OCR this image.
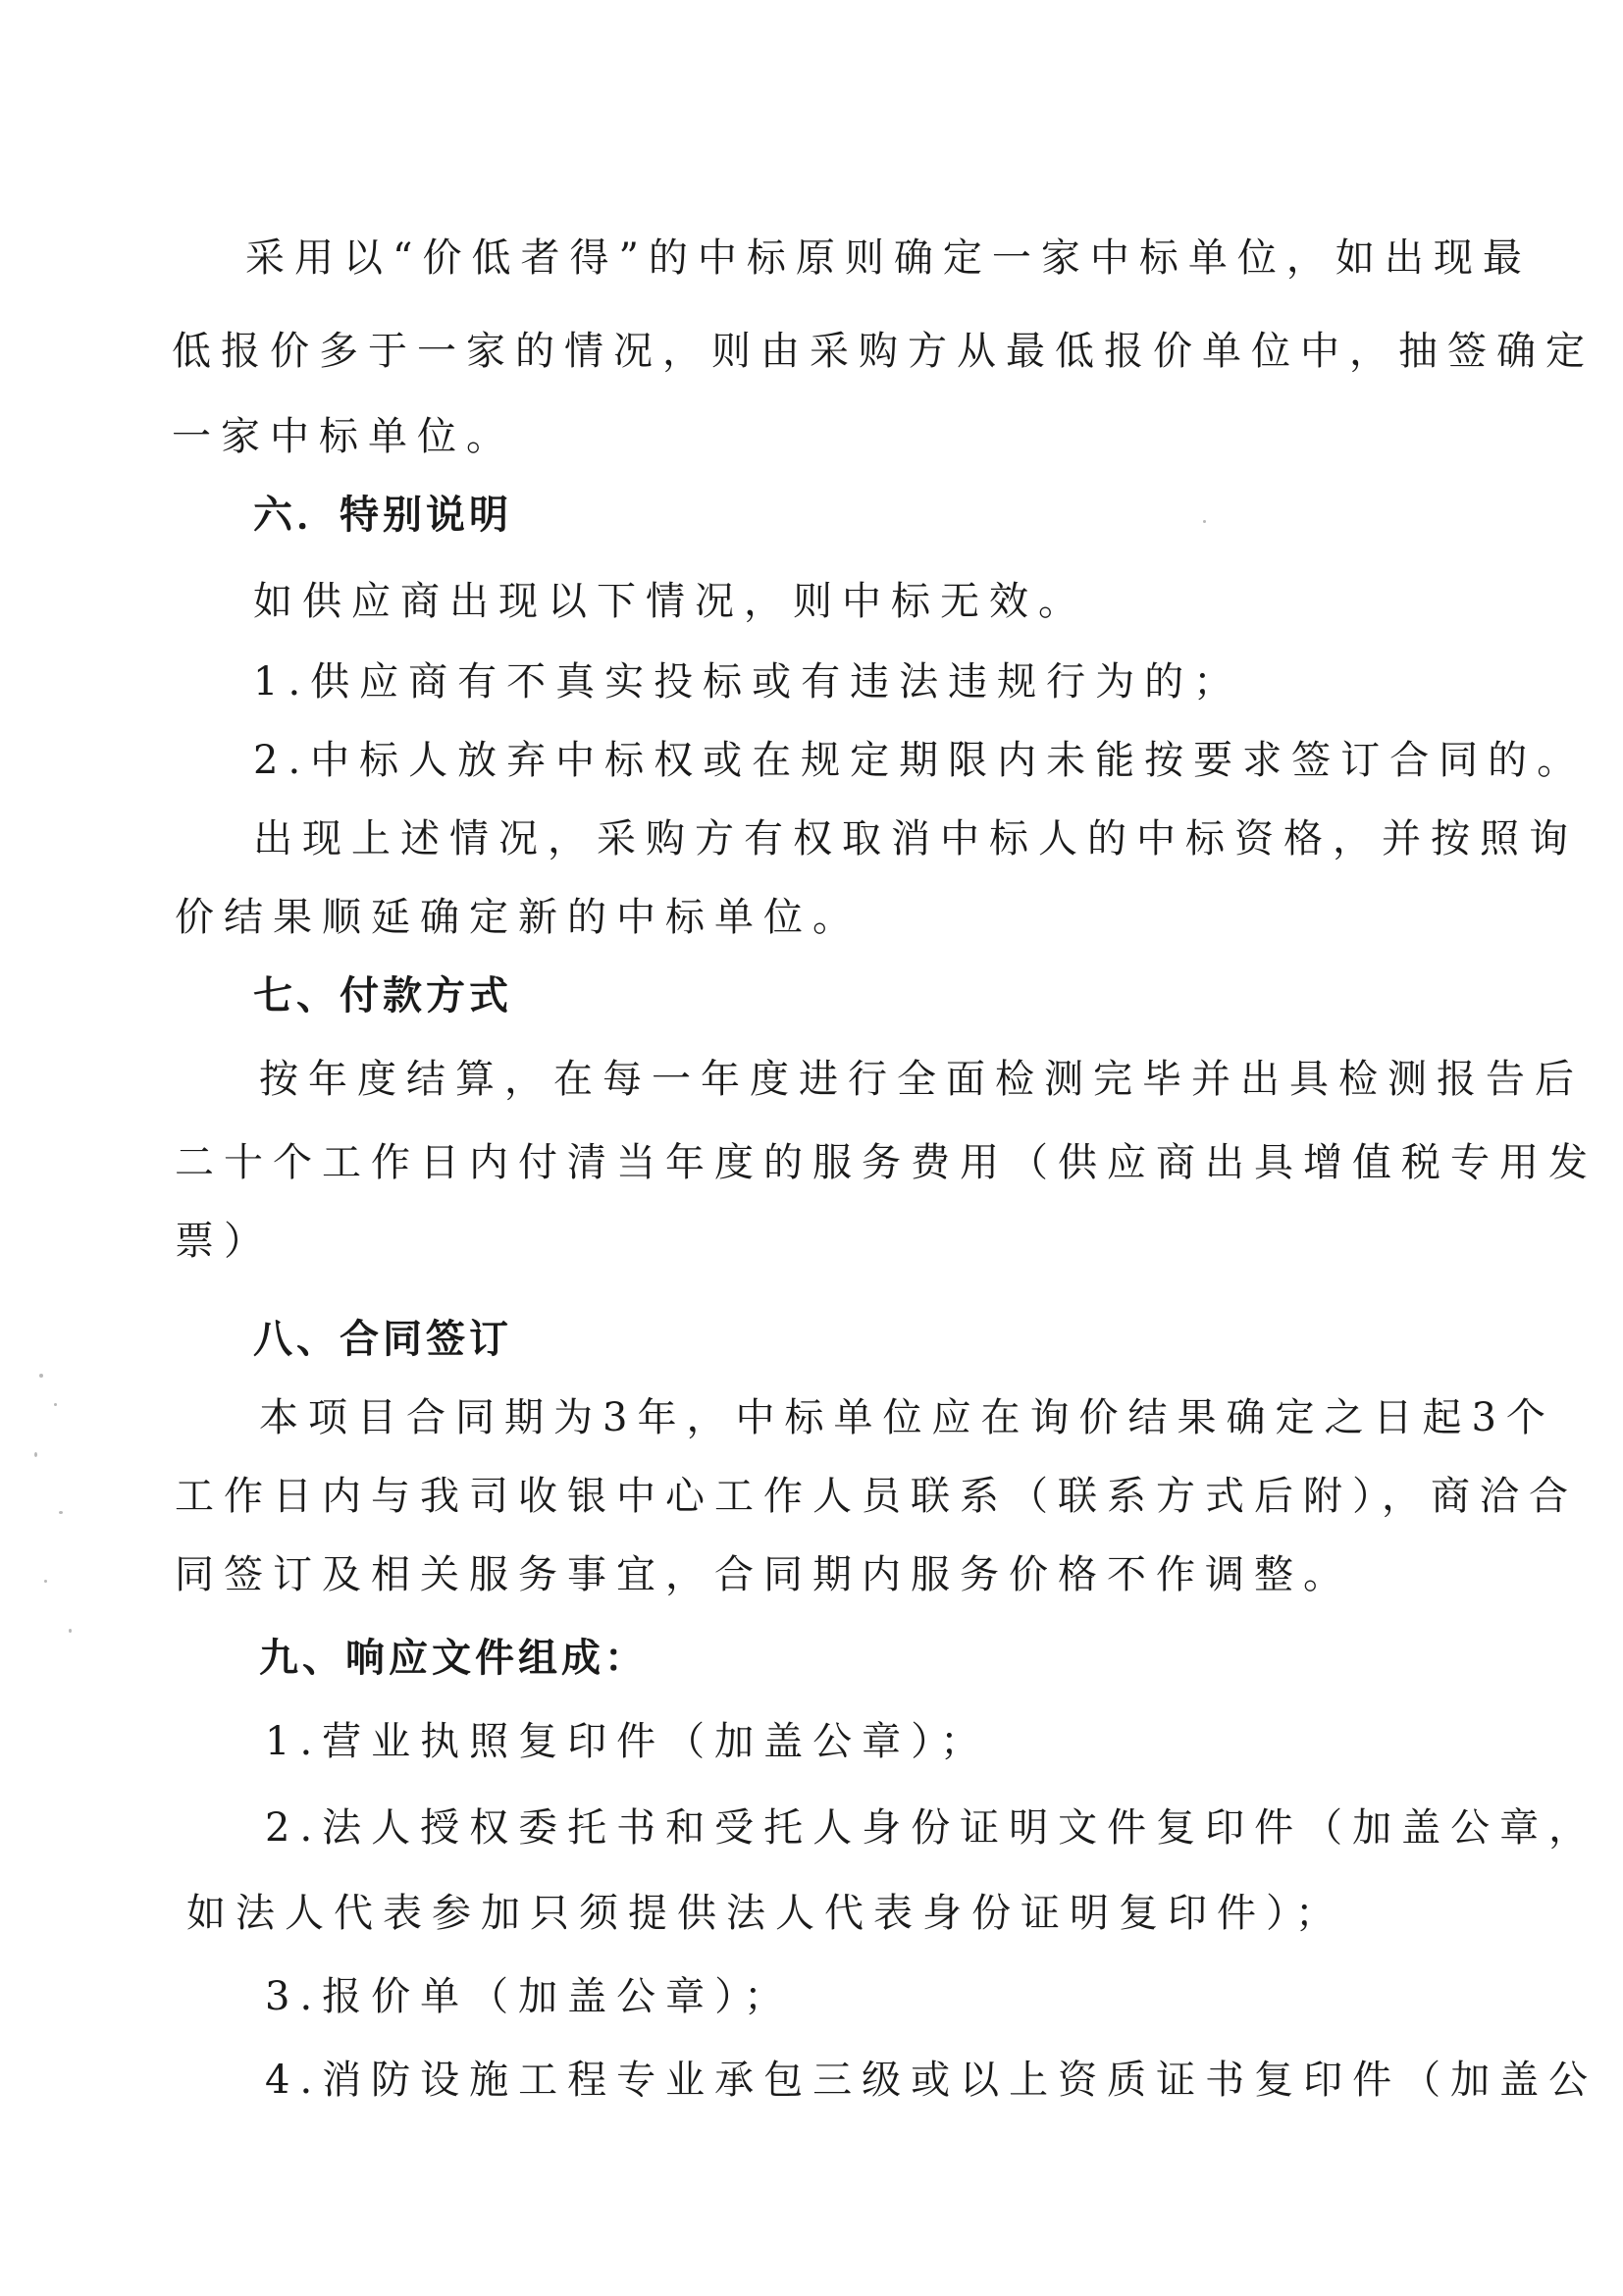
采用以“价低者得”的中标原则确定一家中标单位，如出现最
低报价多于一家的情况，则由采购方从最低报价单位中，抽签确定
一家中标单位。
六．特别说明
如供应商出现以下情况，则中标无效。
1.供应商有不真实投标或有违法违规行为的；
2.中标人放弃中标权或在规定期限内未能按要求签订合同的。
出现上述情况，采购方有权取消中标人的中标资格，并按照询
价结果顺延确定新的中标单位。
七、付款方式
按年度结算，在每一年度进行全面检测完毕并出具检测报告后
二十个工作日内付清当年度的服务费用（供应商出具增值税专用发
票）
八、合同签订
本项目合同期为3年，中标单位应在询价结果确定之日起3个
工作日内与我司收银中心工作人员联系（联系方式后附），商洽合
同签订及相关服务事宜，合同期内服务价格不作调整。
九、响应文件组成：
1.营业执照复印件（加盖公章）；
2.法人授权委托书和受托人身份证明文件复印件（加盖公章，
如法人代表参加只须提供法人代表身份证明复印件）；
3.报价单（加盖公章）；
4.消防设施工程专业承包三级或以上资质证书复印件（加盖公
